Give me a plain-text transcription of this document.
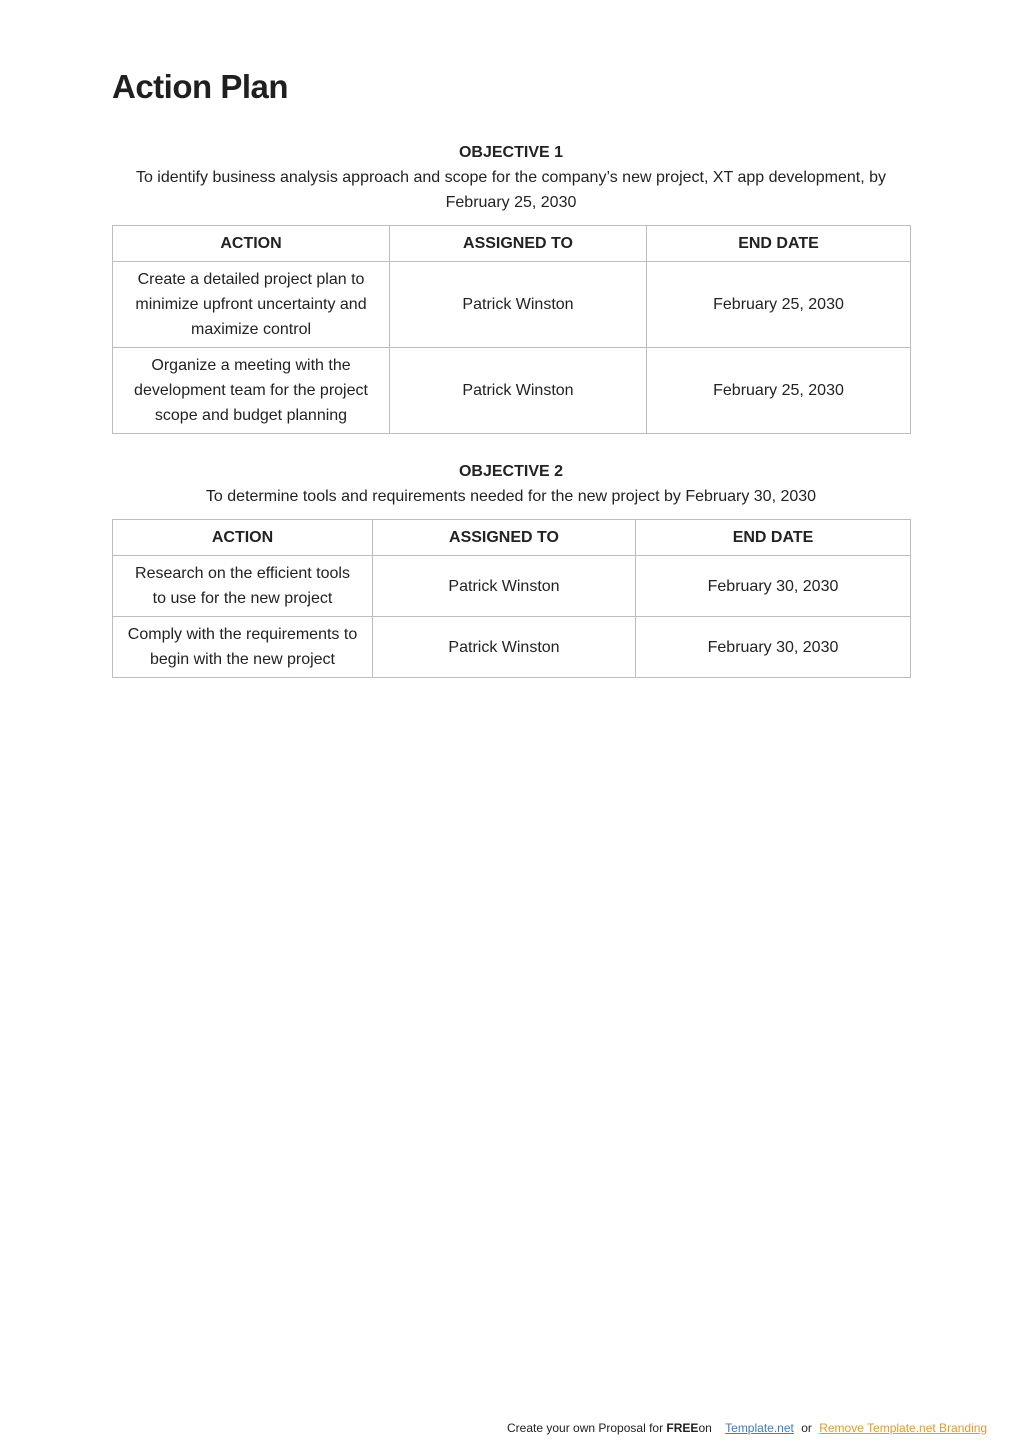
Action Plan
OBJECTIVE 1
To identify business analysis approach and scope for the company’s new project, XT app development, by February 25, 2030
ACTION	ASSIGNED TO	END DATE
Create a detailed project plan to minimize upfront uncertainty and maximize control	Patrick Winston	February 25, 2030
Organize a meeting with the development team for the project scope and budget planning	Patrick Winston	February 25, 2030
OBJECTIVE 2
To determine tools and requirements needed for the new project by February 30, 2030
ACTION	ASSIGNED TO	END DATE
Research on the efficient tools to use for the new project	Patrick Winston	February 30, 2030
Comply with the requirements to begin with the new project	Patrick Winston	February 30, 2030
Create your own Proposal for FREEon Template.net or Remove Template.net Branding
